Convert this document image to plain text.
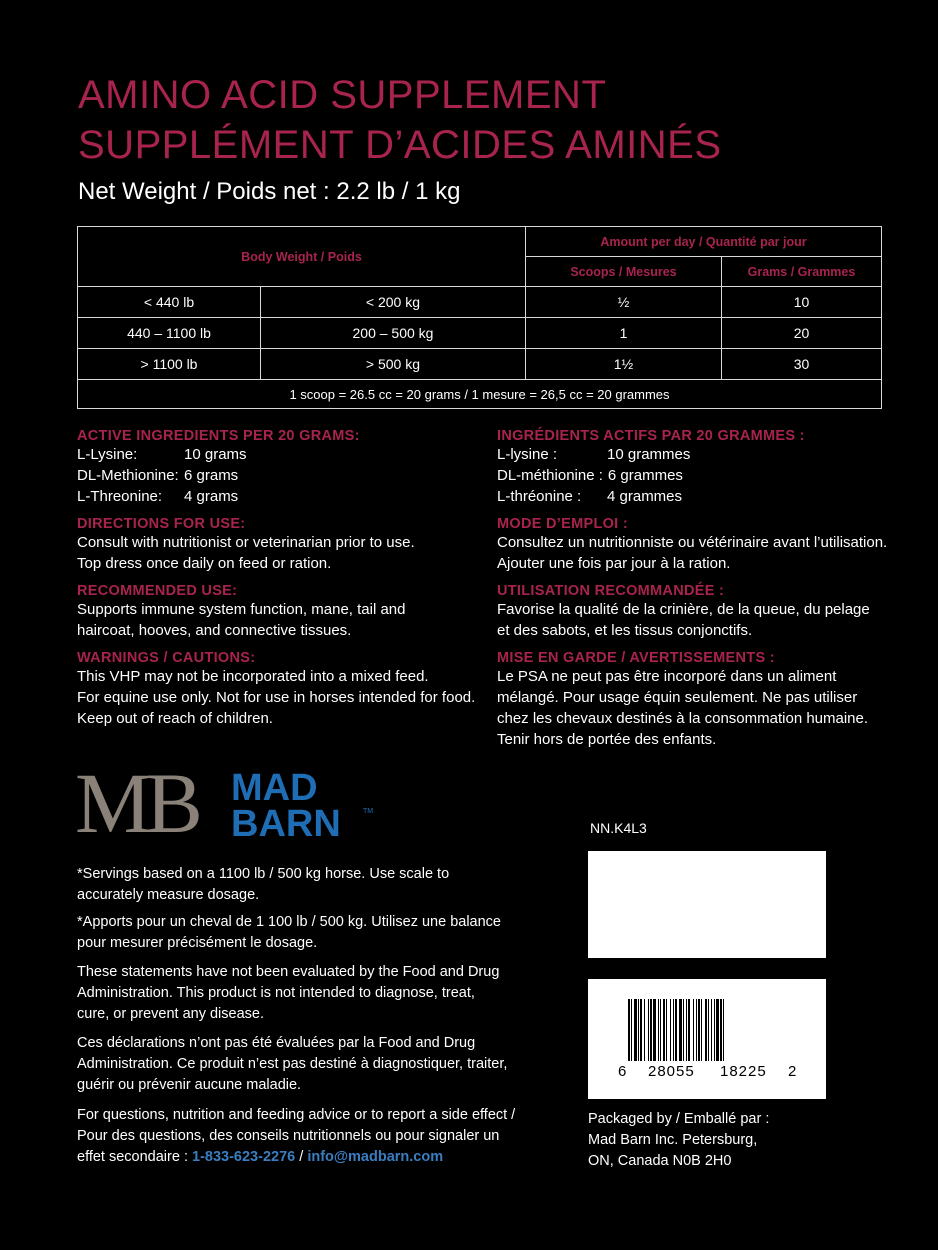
AMINO ACID SUPPLEMENT
SUPPLÉMENT D’ACIDES AMINÉS
Net Weight / Poids net : 2.2 lb / 1 kg
Body Weight / Poids		Amount per day / Quantité par jour	
		Scoops / Mesures	Grams / Grammes
< 440 lb	< 200 kg	½	10
440 – 1100 lb	200 – 500 kg	1	20
> 1100 lb	> 500 kg	1½	30
1 scoop = 26.5 cc = 20 grams / 1 mesure = 26,5 cc = 20 grammes			
ACTIVE INGREDIENTS PER 20 GRAMS:
L-Lysine:	10 grams
DL-Methionine: 6 grams
L-Threonine:	4 grams
DIRECTIONS FOR USE:
Consult with nutritionist or veterinarian prior to use.
Top dress once daily on feed or ration.
RECOMMENDED USE:
Supports immune system function, mane, tail and
haircoat, hooves, and connective tissues.
WARNINGS / CAUTIONS:
This VHP may not be incorporated into a mixed feed.
For equine use only. Not for use in horses intended for food.
Keep out of reach of children.
INGRÉDIENTS ACTIFS PAR 20 GRAMMES :
L-lysine :	10 grammes
DL-méthionine : 6 grammes
L-thréonine :	4 grammes
MODE D’EMPLOI :
Consultez un nutritionniste ou vétérinaire avant l’utilisation.
Ajouter une fois par jour à la ration.
UTILISATION RECOMMANDÉE :
Favorise la qualité de la crinière, de la queue, du pelage
et des sabots, et les tissus conjonctifs.
MISE EN GARDE / AVERTISSEMENTS :
Le PSA ne peut pas être incorporé dans un aliment
mélangé. Pour usage équin seulement. Ne pas utiliser
chez les chevaux destinés à la consommation humaine.
Tenir hors de portée des enfants.
MB MAD
BARN	TM
*Servings based on a 1100 lb / 500 kg horse. Use scale to
accurately measure dosage.
*Apports pour un cheval de 1 100 lb / 500 kg. Utilisez une balance
pour mesurer précisément le dosage.
These statements have not been evaluated by the Food and Drug
Administration. This product is not intended to diagnose, treat,
cure, or prevent any disease.
Ces déclarations n’ont pas été évaluées par la Food and Drug
Administration. Ce produit n’est pas destiné à diagnostiquer, traiter,
guérir ou prévenir aucune maladie.
For questions, nutrition and feeding advice or to report a side effect /
Pour des questions, des conseils nutritionnels ou pour signaler un
effet secondaire : 1-833-623-2276 / info@madbarn.com
NN.K4L3
6 28055 18225 2
Packaged by / Emballé par :
Mad Barn Inc. Petersburg,
ON, Canada N0B 2H0
